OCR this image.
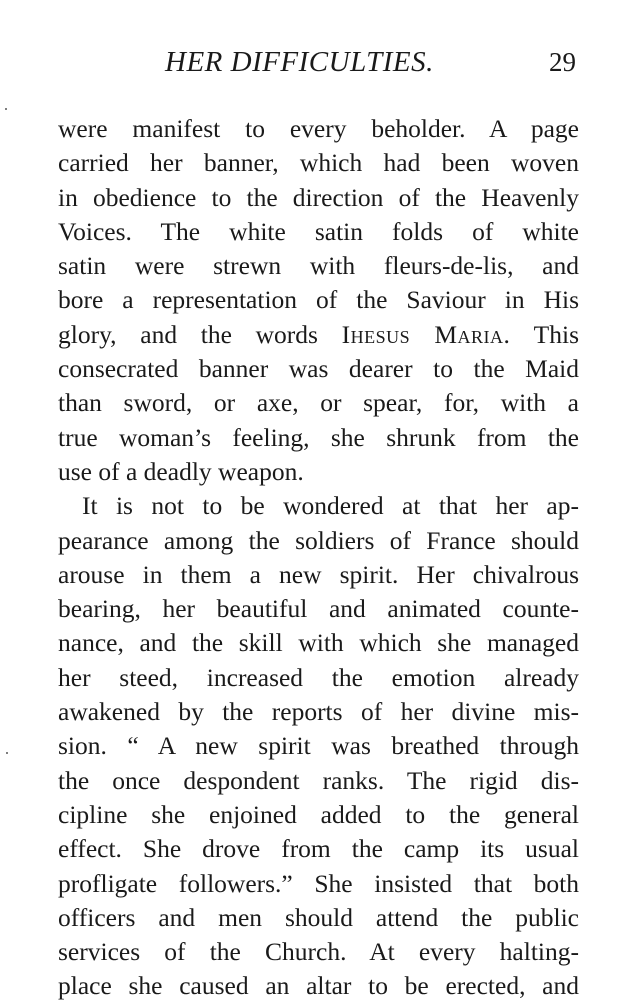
HER DIFFICULTIES.	29
were manifest to every beholder. A page
carried her banner, which had been woven
in obedience to the direction of the Heavenly
Voices. The white satin folds of white
satin were strewn with fleurs-de-lis, and
bore a representation of the Saviour in His
glory, and the words Ihesus Maria. This
consecrated banner was dearer to the Maid
than sword, or axe, or spear, for, with a
true woman’s feeling, she shrunk from the
use of a deadly weapon.
It is not to be wondered at that her ap-
pearance among the soldiers of France should
arouse in them a new spirit. Her chivalrous
bearing, her beautiful and animated counte-
nance, and the skill with which she managed
her steed, increased the emotion already
awakened by the reports of her divine mis-
sion. “ A new spirit was breathed through
the once despondent ranks. The rigid dis-
cipline she enjoined added to the general
effect. She drove from the camp its usual
profligate followers.” She insisted that both
officers and men should attend the public
services of the Church. At every halting-
place she caused an altar to be erected, and
